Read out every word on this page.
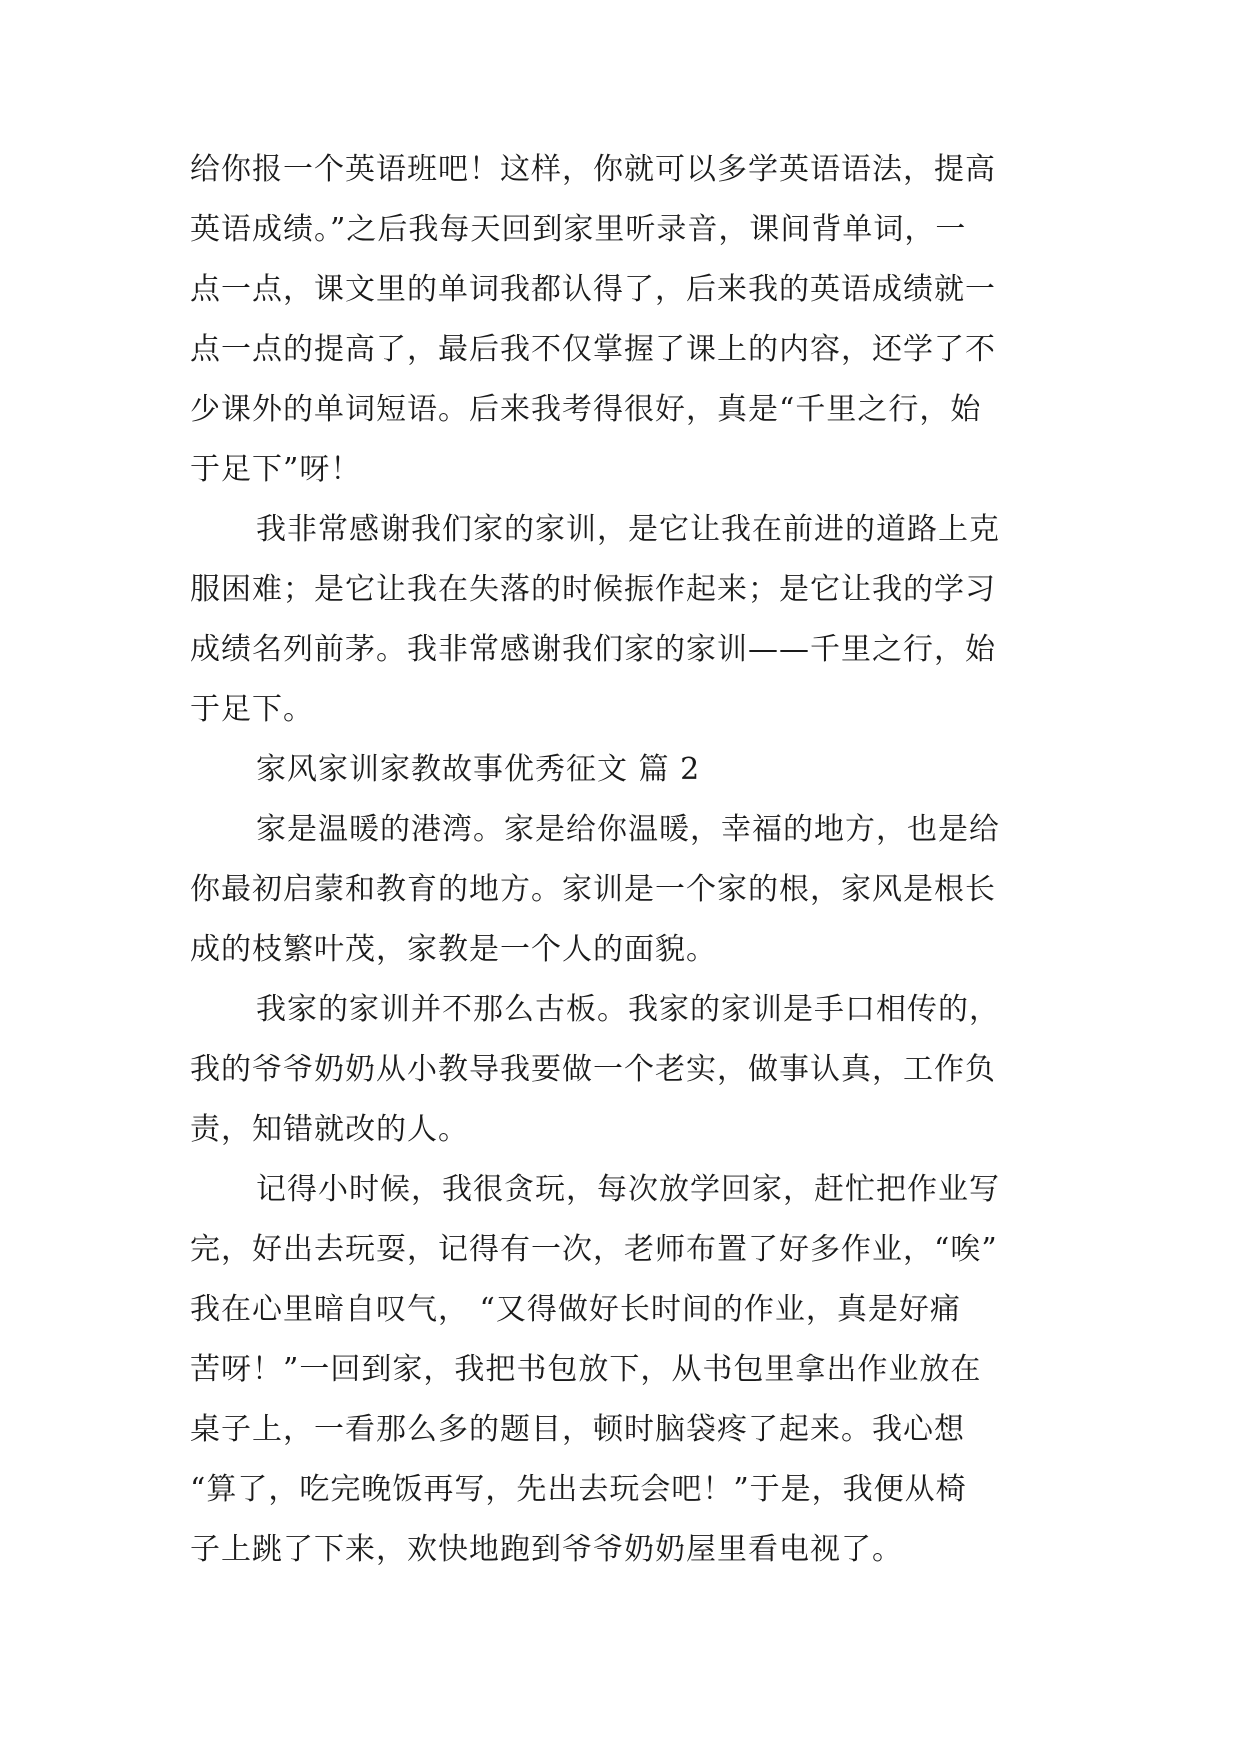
给你报一个英语班吧！这样，你就可以多学英语语法，提高
英语成绩。”之后我每天回到家里听录音，课间背单词，一
点一点，课文里的单词我都认得了，后来我的英语成绩就一
点一点的提高了，最后我不仅掌握了课上的内容，还学了不
少课外的单词短语。后来我考得很好，真是“千里之行，始
于足下”呀！
我非常感谢我们家的家训，是它让我在前进的道路上克
服困难；是它让我在失落的时候振作起来；是它让我的学习
成绩名列前茅。我非常感谢我们家的家训——千里之行，始
于足下。
家风家训家教故事优秀征文 篇 2
家是温暖的港湾。家是给你温暖，幸福的地方，也是给
你最初启蒙和教育的地方。家训是一个家的根，家风是根长
成的枝繁叶茂，家教是一个人的面貌。
我家的家训并不那么古板。我家的家训是手口相传的，
我的爷爷奶奶从小教导我要做一个老实，做事认真，工作负
责，知错就改的人。
记得小时候，我很贪玩，每次放学回家，赶忙把作业写
完，好出去玩耍，记得有一次，老师布置了好多作业，“唉”
我在心里暗自叹气， “又得做好长时间的作业，真是好痛
苦呀！”一回到家，我把书包放下，从书包里拿出作业放在
桌子上，一看那么多的题目，顿时脑袋疼了起来。我心想
“算了，吃完晚饭再写，先出去玩会吧！”于是，我便从椅
子上跳了下来，欢快地跑到爷爷奶奶屋里看电视了。
